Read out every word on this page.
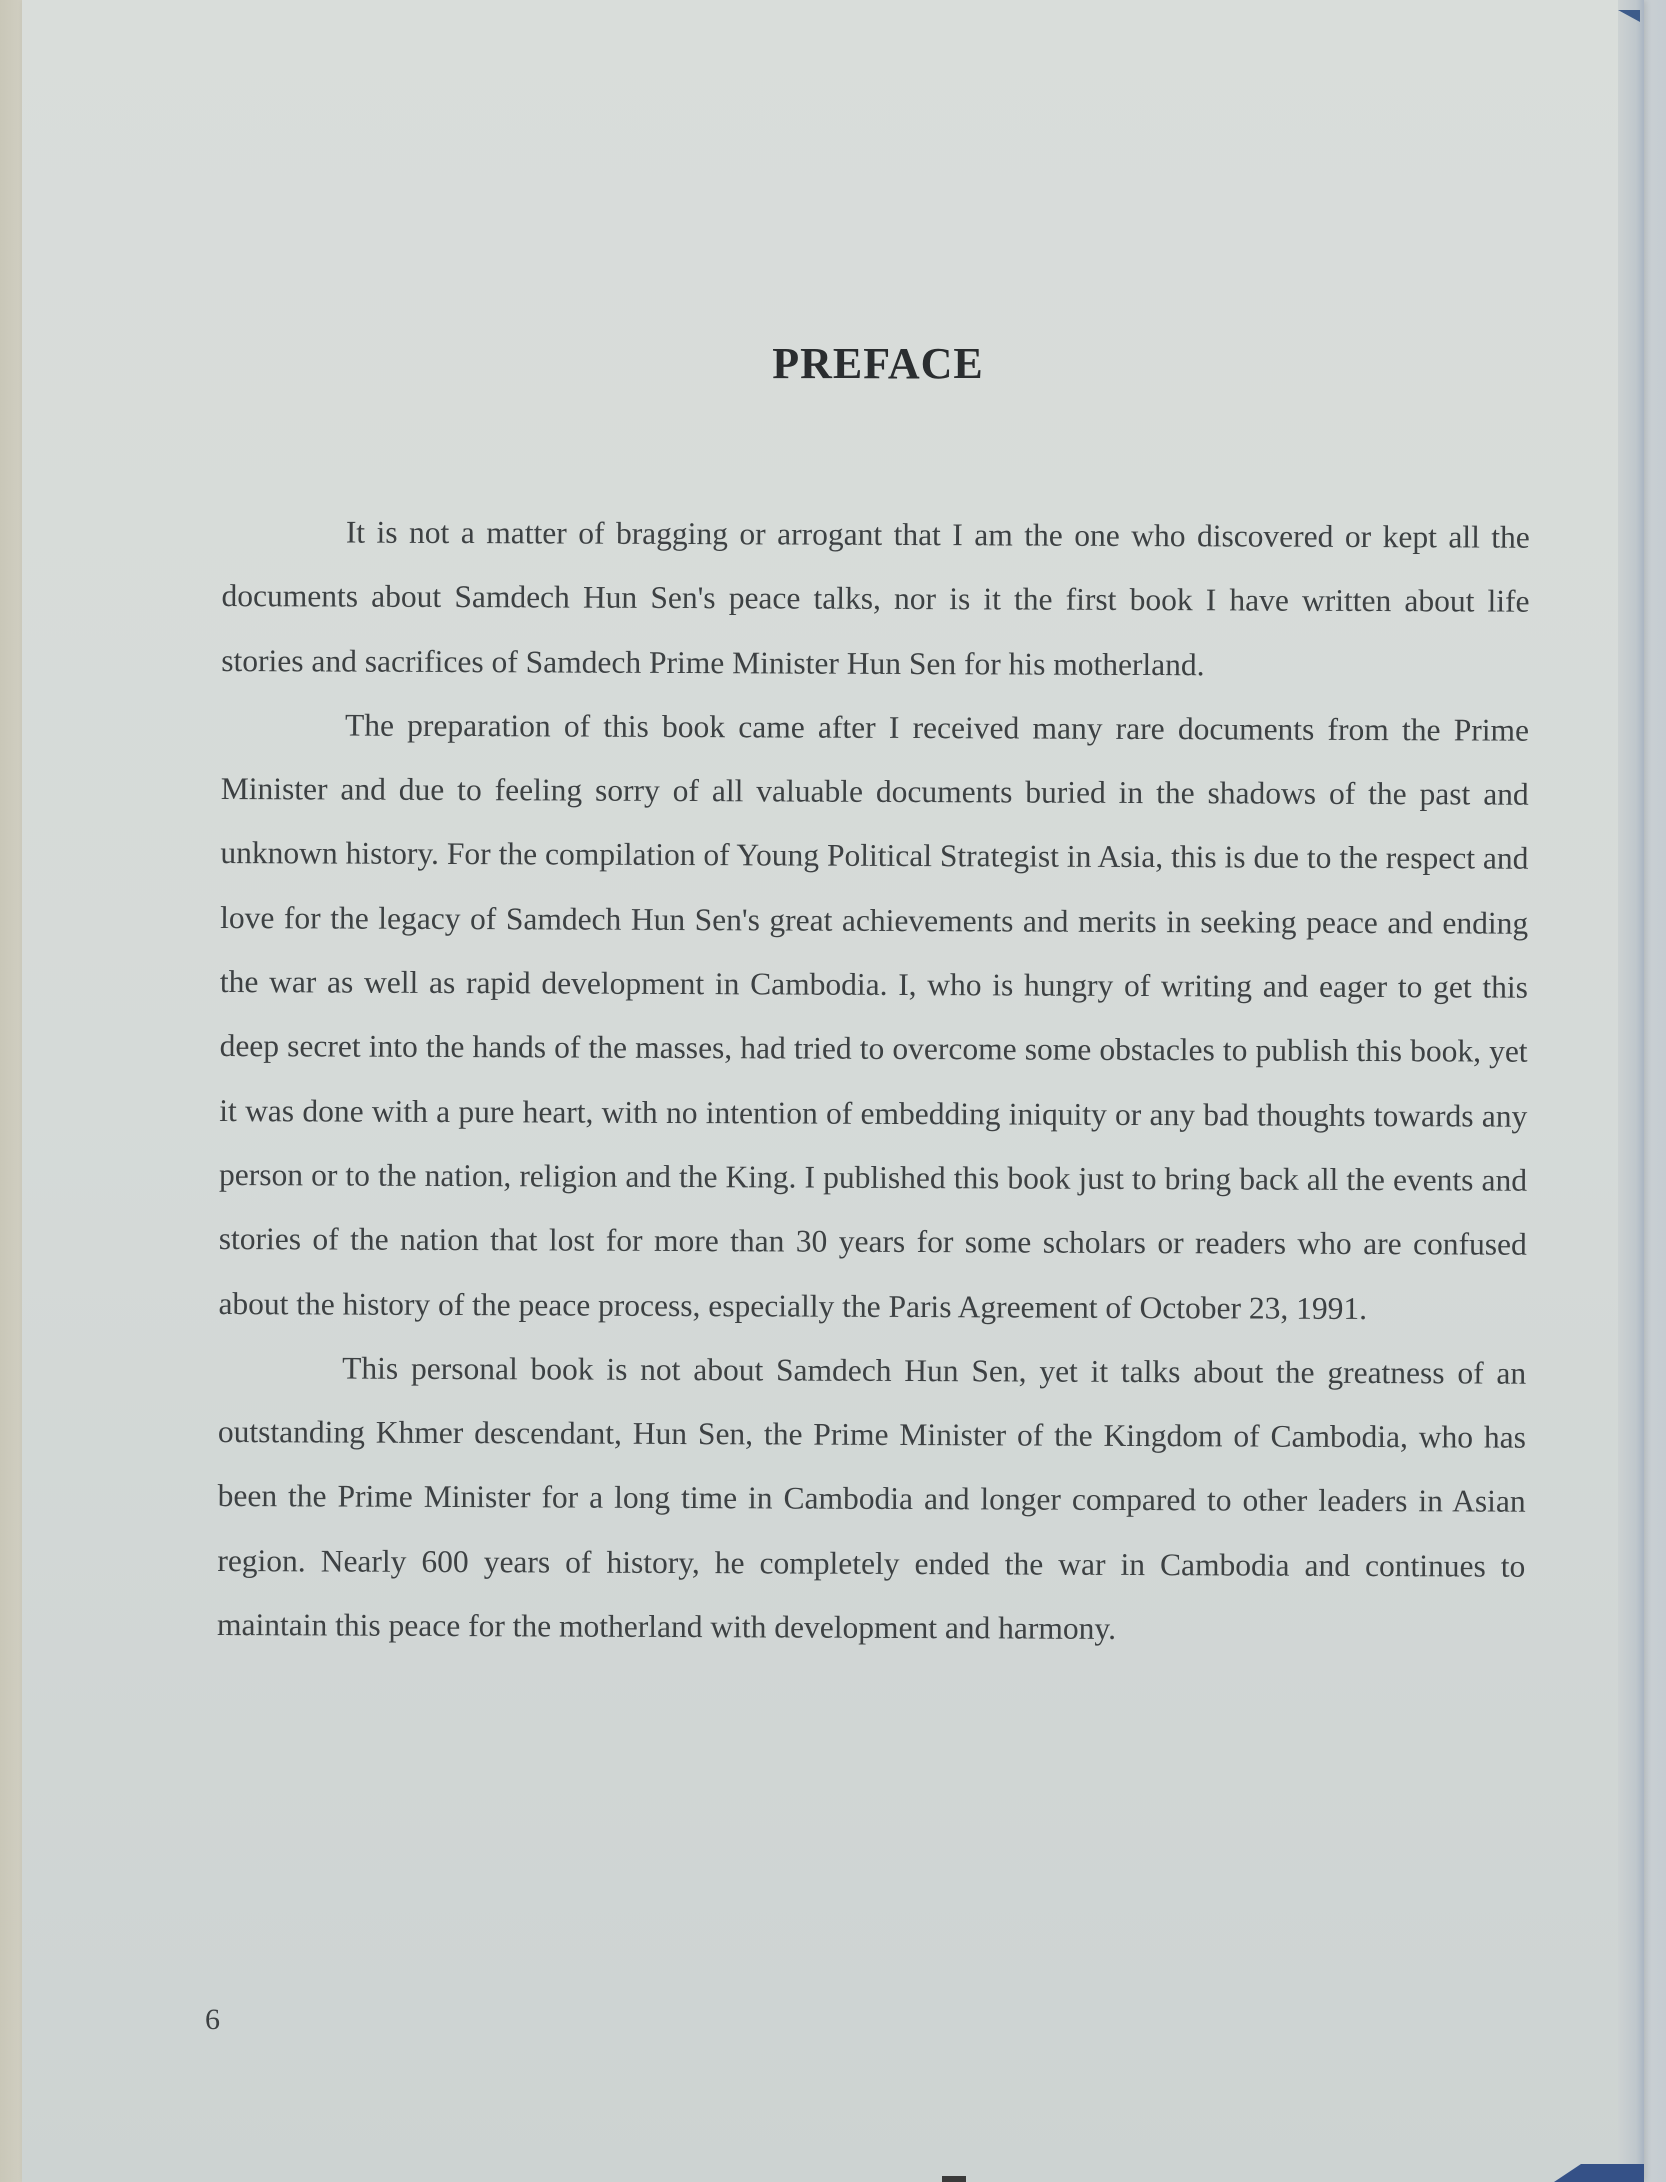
PREFACE

It is not a matter of bragging or arrogant that I am the one who discovered or kept all the documents about Samdech Hun Sen's peace talks, nor is it the first book I have written about life stories and sacrifices of Samdech Prime Minister Hun Sen for his motherland.

The preparation of this book came after I received many rare documents from the Prime Minister and due to feeling sorry of all valuable documents buried in the shadows of the past and unknown history. For the compilation of Young Political Strategist in Asia, this is due to the respect and love for the legacy of Samdech Hun Sen's great achievements and merits in seeking peace and ending the war as well as rapid development in Cambodia. I, who is hungry of writing and eager to get this deep secret into the hands of the masses, had tried to overcome some obstacles to publish this book, yet it was done with a pure heart, with no intention of embedding iniquity or any bad thoughts towards any person or to the nation, religion and the King. I published this book just to bring back all the events and stories of the nation that lost for more than 30 years for some scholars or readers who are confused about the history of the peace process, especially the Paris Agreement of October 23, 1991.

This personal book is not about Samdech Hun Sen, yet it talks about the greatness of an outstanding Khmer descendant, Hun Sen, the Prime Minister of the Kingdom of Cambodia, who has been the Prime Minister for a long time in Cambodia and longer compared to other leaders in Asian region. Nearly 600 years of history, he completely ended the war in Cambodia and continues to maintain this peace for the motherland with development and harmony.

6
